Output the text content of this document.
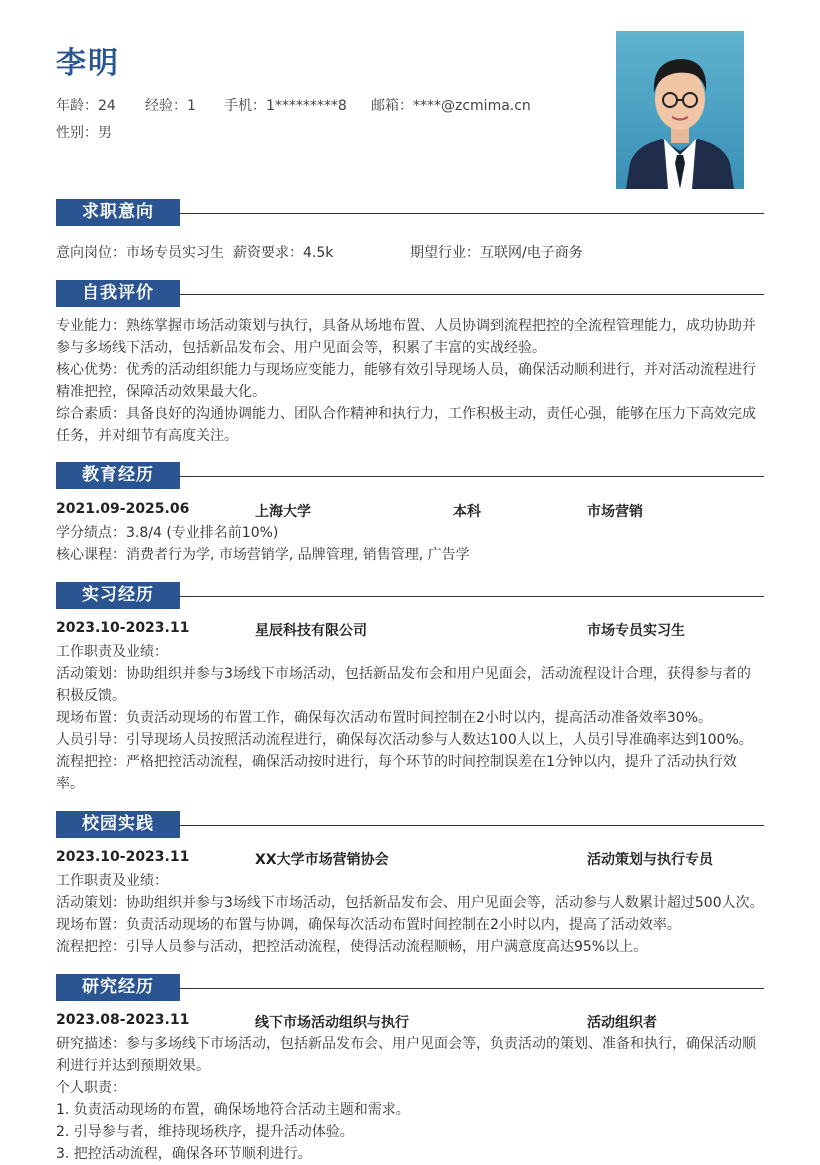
李明
年龄：24 经验：1 手机：1*********8 邮箱：****@zcmima.cn
性别：男
求职意向
意向岗位：市场专员实习生 薪资要求：4.5k	期望行业：互联网/电子商务
自我评价
专业能力：熟练掌握市场活动策划与执行，具备从场地布置、人员协调到流程把控的全流程管理能力，成功协助并参与多场线下活动，包括新品发布会、用户见面会等，积累了丰富的实战经验。
核心优势：优秀的活动组织能力与现场应变能力，能够有效引导现场人员，确保活动顺利进行，并对活动流程进行精准把控，保障活动效果最大化。
综合素质：具备良好的沟通协调能力、团队合作精神和执行力，工作积极主动，责任心强，能够在压力下高效完成任务，并对细节有高度关注。
教育经历
2021.09-2025.06	上海大学	本科	市场营销
学分绩点：3.8/4 (专业排名前10%)
核心课程：消费者行为学, 市场营销学, 品牌管理, 销售管理, 广告学
实习经历
2023.10-2023.11	星辰科技有限公司	市场专员实习生
工作职责及业绩：
活动策划：协助组织并参与3场线下市场活动，包括新品发布会和用户见面会，活动流程设计合理，获得参与者的积极反馈。
现场布置：负责活动现场的布置工作，确保每次活动布置时间控制在2小时以内，提高活动准备效率30%。
人员引导：引导现场人员按照活动流程进行，确保每次活动参与人数达100人以上，人员引导准确率达到100%。
流程把控：严格把控活动流程，确保活动按时进行，每个环节的时间控制误差在1分钟以内，提升了活动执行效率。
校园实践
2023.10-2023.11	XX大学市场营销协会	活动策划与执行专员
工作职责及业绩：
活动策划：协助组织并参与3场线下市场活动，包括新品发布会、用户见面会等，活动参与人数累计超过500人次。
现场布置：负责活动现场的布置与协调，确保每次活动布置时间控制在2小时以内，提高了活动效率。
流程把控：引导人员参与活动，把控活动流程，使得活动流程顺畅，用户满意度高达95%以上。
研究经历
2023.08-2023.11	线下市场活动组织与执行	活动组织者
研究描述：参与多场线下市场活动，包括新品发布会、用户见面会等，负责活动的策划、准备和执行，确保活动顺利进行并达到预期效果。
个人职责：
1. 负责活动现场的布置，确保场地符合活动主题和需求。
2. 引导参与者，维持现场秩序，提升活动体验。
3. 把控活动流程，确保各环节顺利进行。
